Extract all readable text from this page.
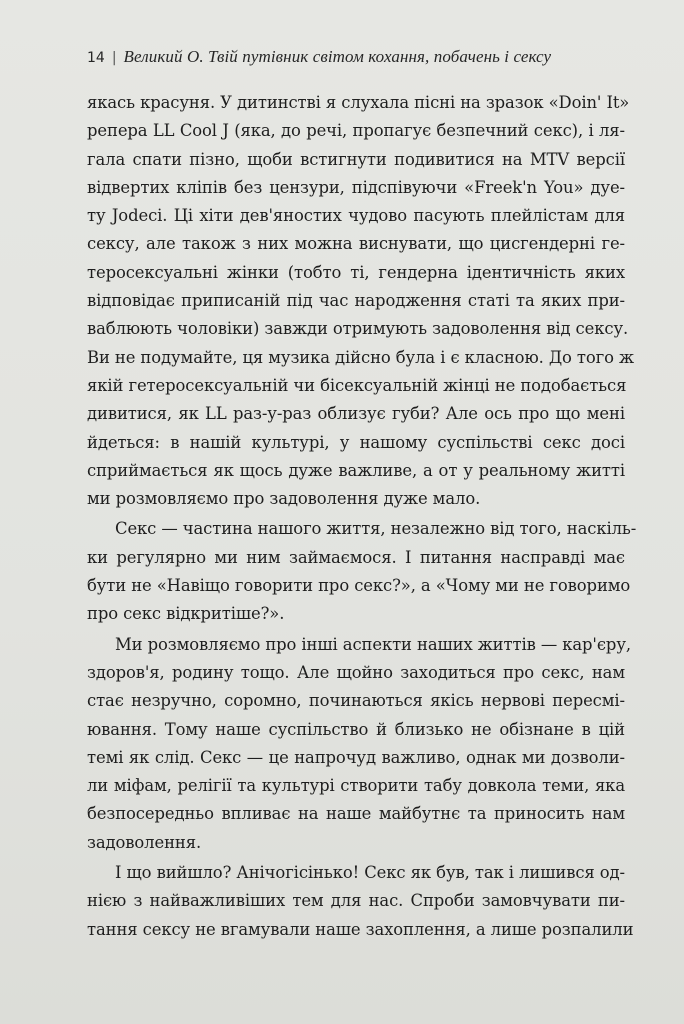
14 | Великий О. Твій путівник світом кохання, побачень і сексу
якась красуня. У дитинстві я слухала пісні на зразок «Doin' It»
репера LL Cool J (яка, до речі, пропагує безпечний секс), і ля-
гала спати пізно, щоби встигнути подивитися на MTV версії
відвертих кліпів без цензури, підспівуючи «Freek'n You» дуе-
ту Jodeci. Ці хіти дев'яностих чудово пасують плейлістам для
сексу, але також з них можна виснувати, що цисгендерні ге-
теросексуальні жінки (тобто ті, гендерна ідентичність яких
відповідає приписаній під час народження статі та яких при-
ваблюють чоловіки) завжди отримують задоволення від сексу.
Ви не подумайте, ця музика дійсно була і є класною. До того ж
якій гетеросексуальній чи бісексуальній жінці не подобається
дивитися, як LL раз-у-раз облизує губи? Але ось про що мені
йдеться: в нашій культурі, у нашому суспільстві секс досі
сприймається як щось дуже важливе, а от у реальному житті
ми розмовляємо про задоволення дуже мало.
Секс — частина нашого життя, незалежно від того, наскіль-
ки регулярно ми ним займаємося. І питання насправді має
бути не «Навіщо говорити про секс?», а «Чому ми не говоримо
про секс відкритіше?».
Ми розмовляємо про інші аспекти наших життів — кар'єру,
здоров'я, родину тощо. Але щойно заходиться про секс, нам
стає незручно, соромно, починаються якісь нервові пересмі-
ювання. Тому наше суспільство й близько не обізнане в цій
темі як слід. Секс — це напрочуд важливо, однак ми дозволи-
ли міфам, релігії та культурі створити табу довкола теми, яка
безпосередньо впливає на наше майбутнє та приносить нам
задоволення.
І що вийшло? Анічогісінько! Секс як був, так і лишився од-
нією з найважливіших тем для нас. Спроби замовчувати пи-
тання сексу не вгамували наше захоплення, а лише розпалили
